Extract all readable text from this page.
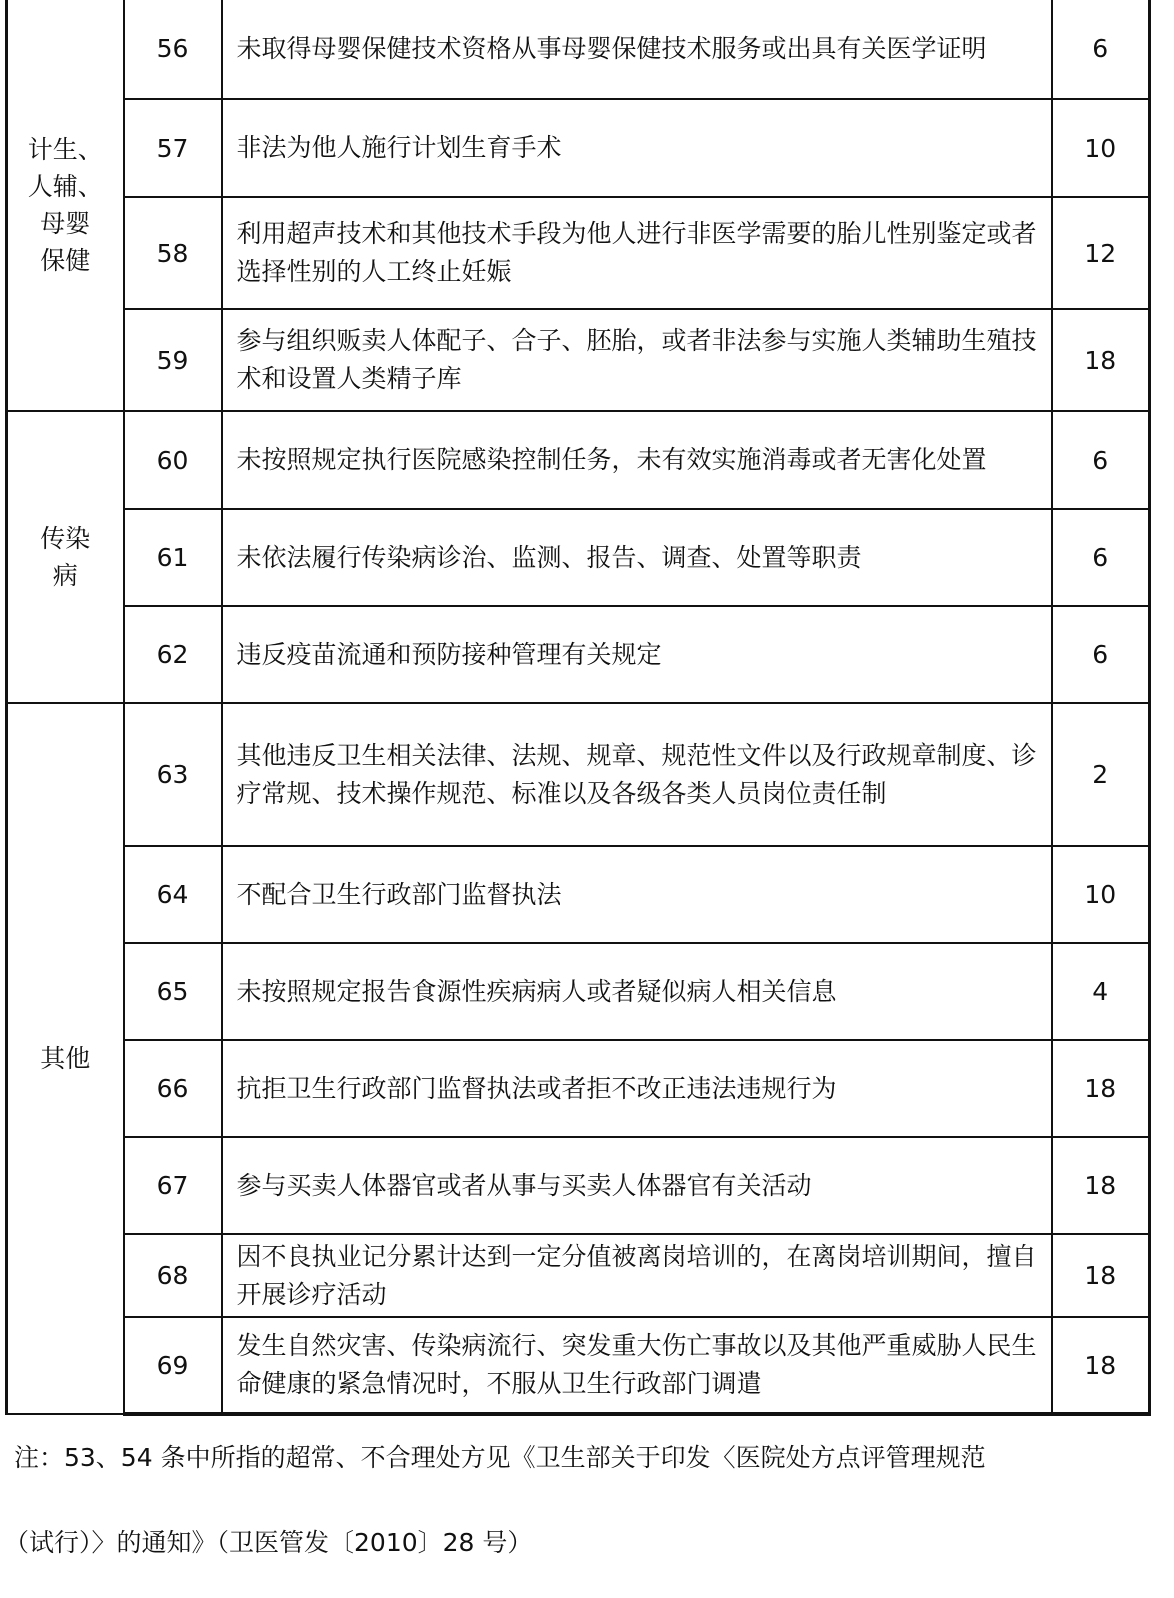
计生、
人辅、
母婴
保健	56	未取得母婴保健技术资格从事母婴保健技术服务或出具有关医学证明	6
	57	非法为他人施行计划生育手术	10
	58	利用超声技术和其他技术手段为他人进行非医学需要的胎儿性别鉴定或者选择性别的人工终止妊娠	12
	59	参与组织贩卖人体配子、合子、胚胎，或者非法参与实施人类辅助生殖技术和设置人类精子库	18
传染
病	60	未按照规定执行医院感染控制任务，未有效实施消毒或者无害化处置	6
	61	未依法履行传染病诊治、监测、报告、调查、处置等职责	6
	62	违反疫苗流通和预防接种管理有关规定	6
其他	63	其他违反卫生相关法律、法规、规章、规范性文件以及行政规章制度、诊疗常规、技术操作规范、标准以及各级各类人员岗位责任制	2
	64	不配合卫生行政部门监督执法	10
	65	未按照规定报告食源性疾病病人或者疑似病人相关信息	4
	66	抗拒卫生行政部门监督执法或者拒不改正违法违规行为	18
	67	参与买卖人体器官或者从事与买卖人体器官有关活动	18
	68	因不良执业记分累计达到一定分值被离岗培训的，在离岗培训期间，擅自开展诊疗活动	18
	69	发生自然灾害、传染病流行、突发重大伤亡事故以及其他严重威胁人民生命健康的紧急情况时，不服从卫生行政部门调遣	18
注：53、54 条中所指的超常、不合理处方见《卫生部关于印发〈医院处方点评管理规范
（试行）〉的通知》（卫医管发〔2010〕28 号）
